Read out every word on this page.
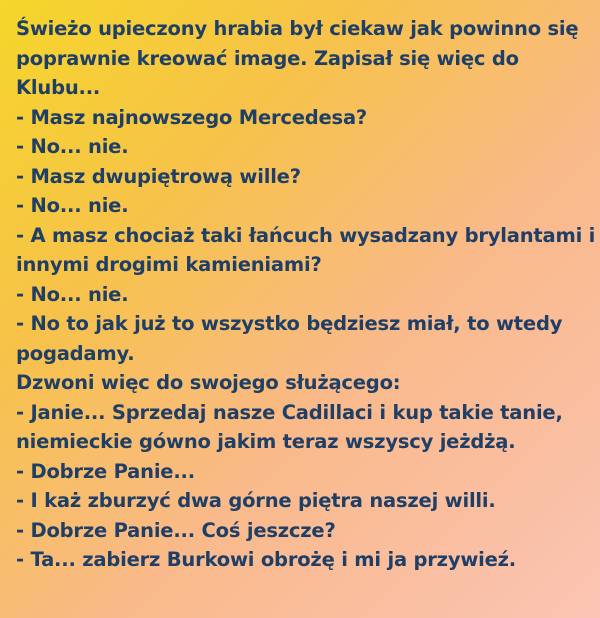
Świeżo upieczony hrabia był ciekaw jak powinno się
poprawnie kreować image. Zapisał się więc do
Klubu...
- Masz najnowszego Mercedesa?
- No... nie.
- Masz dwupiętrową wille?
- No... nie.
- A masz chociaż taki łańcuch wysadzany brylantami i
innymi drogimi kamieniami?
- No... nie.
- No to jak już to wszystko będziesz miał, to wtedy
pogadamy.
Dzwoni więc do swojego służącego:
- Janie... Sprzedaj nasze Cadillaci i kup takie tanie,
niemieckie gówno jakim teraz wszyscy jeżdżą.
- Dobrze Panie...
- I każ zburzyć dwa górne piętra naszej willi.
- Dobrze Panie... Coś jeszcze?
- Ta... zabierz Burkowi obrożę i mi ja przywieź.
